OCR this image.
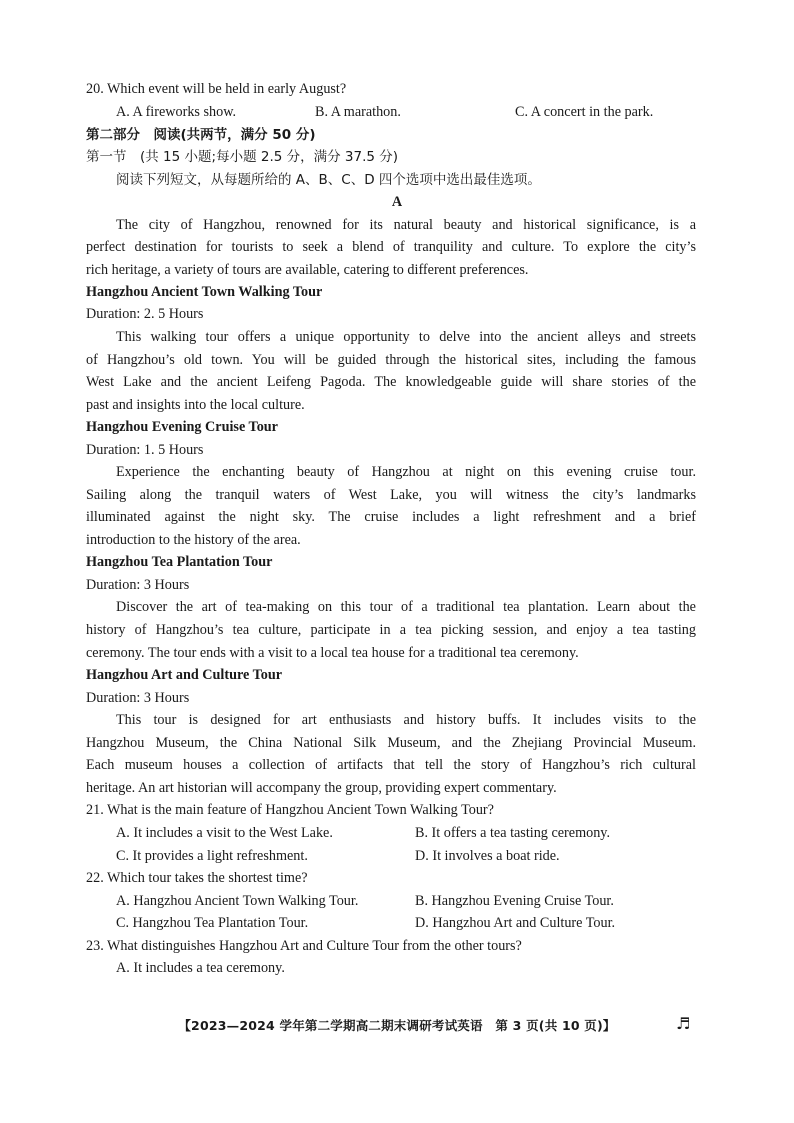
20. Which event will be held in early August?
A. A fireworks show.	B. A marathon.	C. A concert in the park.
第二部分　阅读(共两节，满分 50 分)
第一节　(共 15 小题;每小题 2.5 分，满分 37.5 分)
阅读下列短文，从每题所给的 A、B、C、D 四个选项中选出最佳选项。
A
The city of Hangzhou, renowned for its natural beauty and historical significance, is a
perfect destination for tourists to seek a blend of tranquility and culture. To explore the city’s
rich heritage, a variety of tours are available, catering to different preferences.
Hangzhou Ancient Town Walking Tour
Duration: 2. 5 Hours
This walking tour offers a unique opportunity to delve into the ancient alleys and streets
of Hangzhou’s old town. You will be guided through the historical sites, including the famous
West Lake and the ancient Leifeng Pagoda. The knowledgeable guide will share stories of the
past and insights into the local culture.
Hangzhou Evening Cruise Tour
Duration: 1. 5 Hours
Experience the enchanting beauty of Hangzhou at night on this evening cruise tour.
Sailing along the tranquil waters of West Lake, you will witness the city’s landmarks
illuminated against the night sky. The cruise includes a light refreshment and a brief
introduction to the history of the area.
Hangzhou Tea Plantation Tour
Duration: 3 Hours
Discover the art of tea-making on this tour of a traditional tea plantation. Learn about the
history of Hangzhou’s tea culture, participate in a tea picking session, and enjoy a tea tasting
ceremony. The tour ends with a visit to a local tea house for a traditional tea ceremony.
Hangzhou Art and Culture Tour
Duration: 3 Hours
This tour is designed for art enthusiasts and history buffs. It includes visits to the
Hangzhou Museum, the China National Silk Museum, and the Zhejiang Provincial Museum.
Each museum houses a collection of artifacts that tell the story of Hangzhou’s rich cultural
heritage. An art historian will accompany the group, providing expert commentary.
21. What is the main feature of Hangzhou Ancient Town Walking Tour?
A. It includes a visit to the West Lake.	B. It offers a tea tasting ceremony.
C. It provides a light refreshment.	D. It involves a boat ride.
22. Which tour takes the shortest time?
A. Hangzhou Ancient Town Walking Tour.	B. Hangzhou Evening Cruise Tour.
C. Hangzhou Tea Plantation Tour.	D. Hangzhou Art and Culture Tour.
23. What distinguishes Hangzhou Art and Culture Tour from the other tours?
A. It includes a tea ceremony.
【2023—2024 学年第二学期高二期末调研考试英语　第 3 页(共 10 页)】	♬
